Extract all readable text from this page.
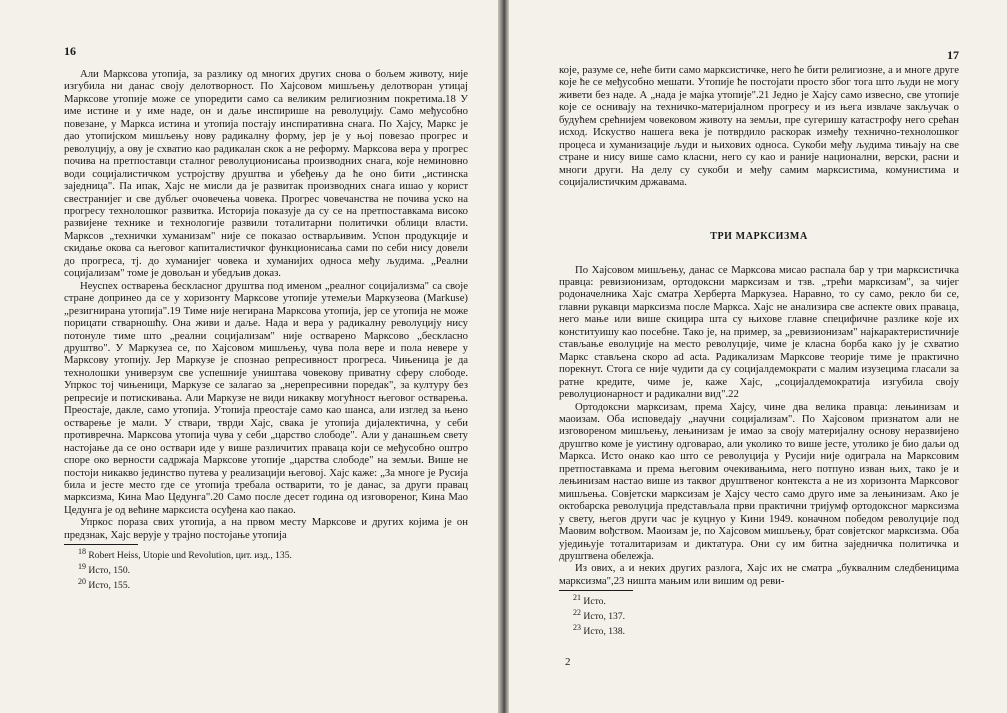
16

Али Марксова утопија, за разлику од многих других снова о бољем животу, није изгубила ни данас своју делотворност. По Хајсовом мишљењу делотворан утицај Марксове утопије може се упоредити само са великим религиозним покретима.18 У име истине и у име наде, он и даље инспирише на револуцију. Само међусобно повезане, у Маркса истина и утопија постају инспиративна снага. По Хајсу, Маркс је дао утопијском мишљењу нову радикалну форму, јер је у њој повезао прогрес и револуцију, а ову је схватио као радикалан скок а не реформу. Марксова вера у прогрес почива на претпоставци сталног револуционисања производних снага, које неминовно води социјалистичком устројству друштва и убеђењу да ће оно бити „истинска заједница". Па ипак, Хајс не мисли да је развитак производних снага ишао у корист свестранијег и све дубљег очовечења човека. Прогрес човечанства не почива уско на прогресу технолошког развитка. Историја показује да су се на претпоставкама високо развијене технике и технологије развили тоталитарни политички облици власти. Марксов „технички хуманизам" није се показао остварљивим. Успон продукције и скидање окова са његовог капиталистичког функционисања сами по себи нису довели до прогреса, тј. до хуманијег човека и хуманијих односа међу људима. „Реални социјализам" томе је довољан и убедљив доказ.

Неуспех остварења бескласног друштва под именом „реалног социјализма" са своје стране допринео да се у хоризонту Марксове утопије утемељи Маркузеова (Markuse) „резигнирана утопија".19 Тиме није негирана Марксова утопија, јер се утопија не може порицати стварношћу. Она живи и даље. Нада и вера у радикалну револуцију нису потонуле тиме што „реални социјализам" није остварено Марксово „бескласно друштво". У Маркузеа се, по Хајсовом мишљењу, чува пола вере и пола невере у Марксову утопију. Јер Маркузе је спознао репресивност прогреса. Чињеница је да технолошки универзум све успешније уништава човекову приватну сферу слободе. Упркос тој чињеници, Маркузе се залагао за „нерепресивни поредак", за културу без репресије и потискивања. Али Маркузе не види никакву могућност његовог остварења. Преостаје, дакле, само утопија. Утопија преостаје само као шанса, али изглед за њено остварење је мали. У ствари, тврди Хајс, свака је утопија дијалектична, у себи противречна. Марксова утопија чува у себи „царство слободе". Али у данашњем свету настојање да се оно оствари иде у више различитих праваца који се међусобно оштро споре око верности садржаја Марксове утопије „царства слободе" на земљи. Више не постоји никакво јединство путева у реализацији његовој. Хајс каже: „За многе је Русија била и јесте место где се утопија требала остварити, то је данас, за други правац марксизма, Кина Мао Цедунга".20 Само после десет година од изговореног, Кина Мао Цедунга је од већине марксиста осуђена као пакао.

Упркос пораза свих утопија, а на првом месту Марксове и других којима је он предзнак, Хајс верује у трајно постојање утопија

$^{18}$ Robert Heiss, Utopie und Revolution, цит. изд., 135.
$^{19}$ Исто, 150.
$^{20}$ Исто, 155.
17

које, разуме се, неће бити само марксистичке, него ће бити религиозне, а и многе друге које ће се међусобно мешати. Утопије ће постојати просто због тога што људи не могу живети без наде. А „нада је мајка утопије".21 Једно је Хајсу само извесно, све утопије које се оснивају на техничко-материјалном прогресу и из њега извлаче закључак о будућем срећнијем човековом животу на земљи, пре сугеришу катастрофу него срећан исход. Искуство нашега века је потврдило раскорак између технично-технолошког процеса и хуманизације људи и њихових односа. Сукоби међу људима тињају на све стране и нису више само класни, него су као и раније национални, верски, расни и многи други. На делу су сукоби и међу самим марксистима, комунистима и социјалистичким државама.

ТРИ МАРКСИЗМА

По Хајсовом мишљењу, данас се Марксова мисао распала бар у три марксистичка правца: ревизионизам, ортодоксни марксизам и тзв. „трећи марксизам", за чијег родоначелника Хајс сматра Херберта Маркузеа. Наравно, то су само, рекло би се, главни рукавци марксизма после Маркса. Хајс не анализира све аспекте ових праваца, него мање или више скицира шта су њихове главне специфичне разлике које их конституишу као посебне. Тако је, на пример, за „ревизионизам" најкарактеристичније стављање еволуције на место револуције, чиме је класна борба како ју је схватио Маркс стављена скоро ad acta. Радикализам Марксове теорије тиме је практично порекнут. Стога се није чудити да су социјалдемократи с малим изузецима гласали за ратне кредите, чиме је, каже Хајс, „социјалдемократија изгубила своју револуционарност и радикални вид".22

Ортодоксни марксизам, према Хајсу, чине два велика правца: лењинизам и маоизам. Оба исповедају „научни социјализам". По Хајсовом признатом али не изговореном мишљењу, лењинизам је имао за своју материјалну основу неразвијено друштво коме је уистину одговарао, али уколико то више јесте, утолико је био даљи од Маркса. Исто онако као што се револуција у Русији није одиграла на Марксовим претпоставкама и према његовим очекивањима, него потпуно изван њих, тако је и лењинизам настао више из таквог друштвеног контекста а не из хоризонта Марксовог мишљења. Совјетски марксизам је Хајсу често само друго име за лењинизам. Ако је октобарска револуција представљала први практични тријумф ортодоксног марксизма у свету, његов други час је куцнуо у Кини 1949. коначном победом револуције под Маовим вођством. Маоизам је, по Хајсовом мишљењу, брат совјетског марксизма. Оба уједињује тоталитаризам и диктатура. Они су им битна заједничка политичка и друштвена обележја.

Из ових, а и неких других разлога, Хајс их не сматра „буквалним следбеницима марксизма",23 ништа мањим или вишим од реви-

$^{21}$ Исто.
$^{22}$ Исто, 137.
$^{23}$ Исто, 138.
2
